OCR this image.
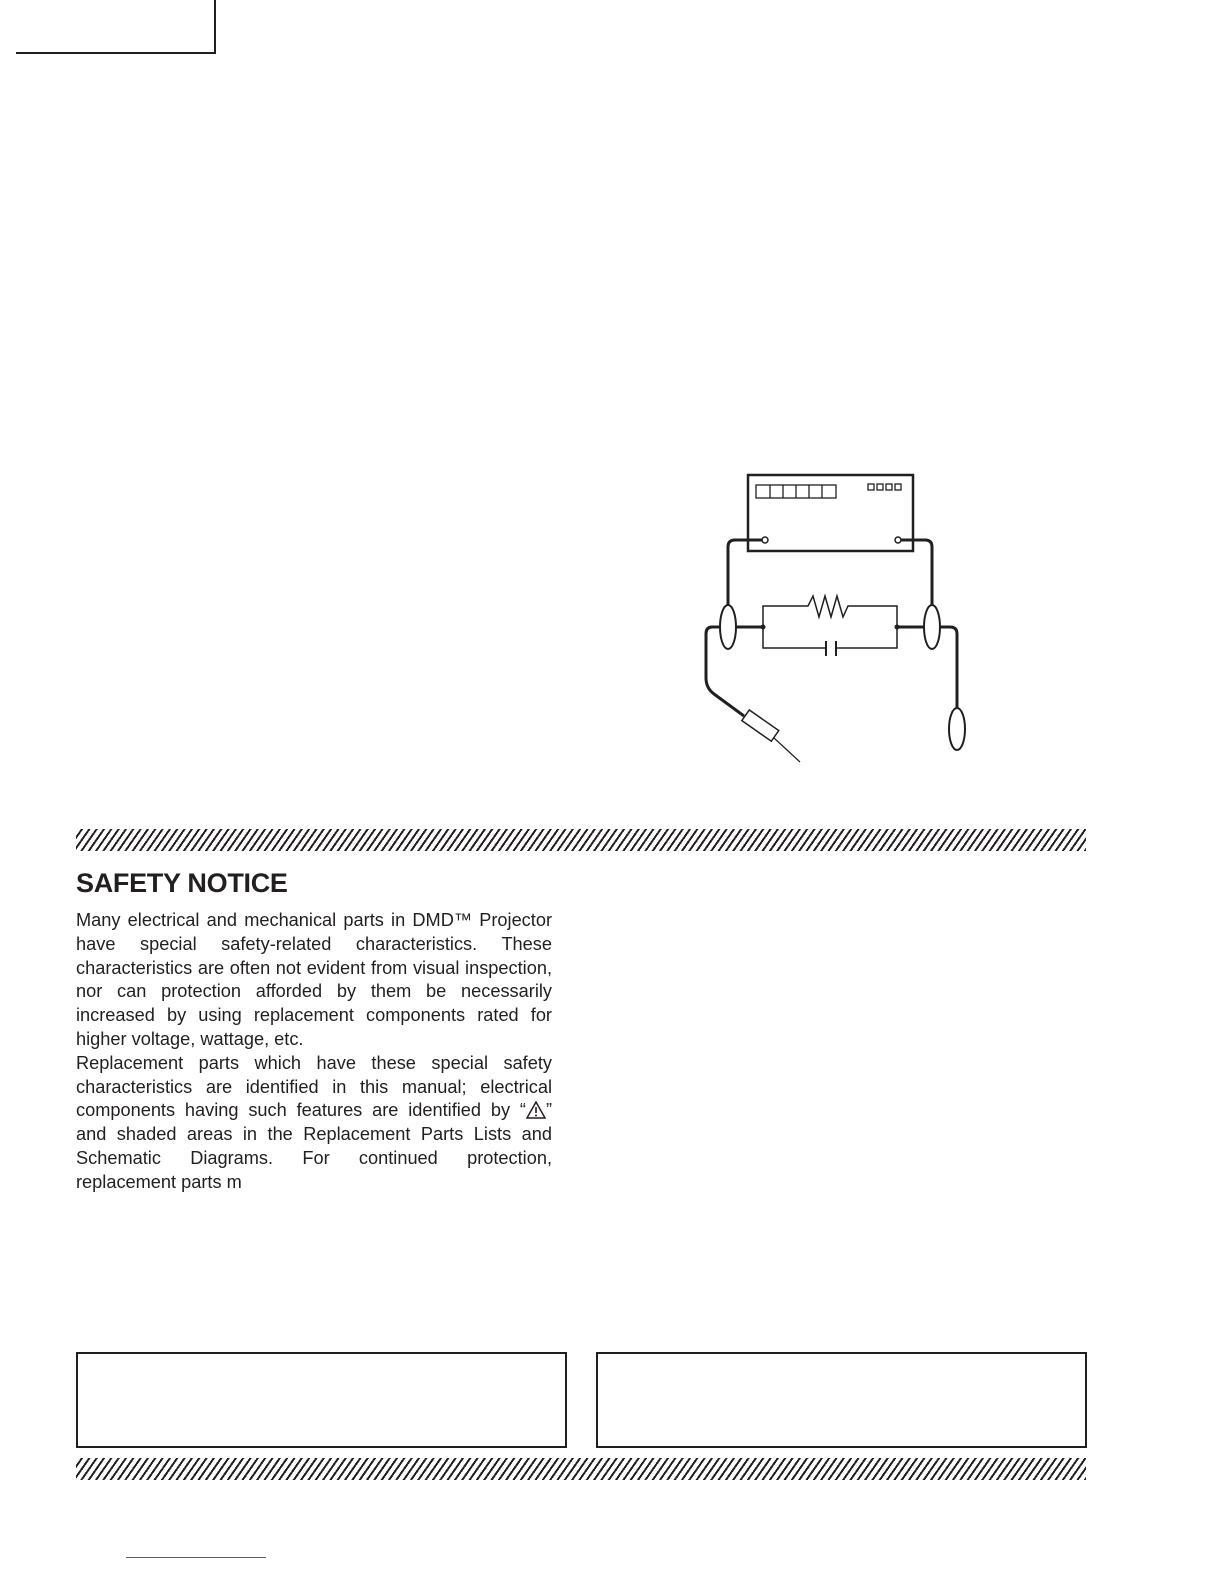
SAFETY NOTICE

Many electrical and mechanical parts in DMD™ Projector have special safety-related characteristics. These characteristics are often not evident from visual inspection, nor can protection afforded by them be necessarily increased by using replacement components rated for higher voltage, wattage, etc.
Replacement parts which have these special safety characteristics are identified in this manual; electrical components having such features are identified by “ ” and shaded areas in the Replacement Parts Lists and Schematic Diagrams. For continued protection, replacement parts m
